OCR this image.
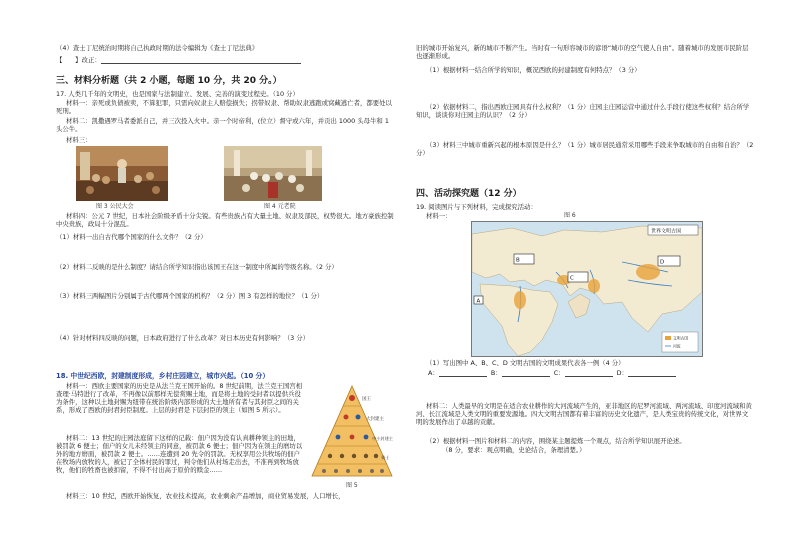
（4）查士丁尼统治时期将自己执政时期的法令编辑为《查士丁尼法典》
【　　】改正：
三、材料分析题（共 2 小题，每题 10 分，共 20 分。）
17. 人类几千年的文明史，也是国家与法制建立、发展、完善的演变过程史。（10 分）
材料一：亲死或负债被卖，不算犯罪，只需向奴隶主人赔偿损失；拐带奴隶、帮助奴隶逃跑或窝藏逃亡者，都要处以死刑。
材料二：凯撒遇罗马者委派自己，并三次投入火中。亲一个时帝利，(位立）督守或六年，并贡出 1000 头母牛和 1 头公牛。
材料三：
图 3 公民大会	图 4 元老院
材料四：公元 7 世纪，日本社会阶级矛盾十分尖锐。有些贵族占有大量土地、奴隶及部民，权势很大。地方豪族控制中央贵族，政局十分混乱。
（1）材料一出自古代哪个国家的什么文件？（2 分）
（2）材料二反映的是什么制度？请结合所学知识指出该国王在这一制度中所属的等级名称。（2 分）
（3）材料三两幅图片分别属于古代哪两个国家的机构？（2 分）图 3 有怎样的地位？（1 分）
（4）针对材料四反映的问题，日本政府进行了什么改革？对日本历史有何影响？（3 分）
18. 中世纪西欧，封建制度形成，乡村庄园建立，城市兴起。（10 分）
材料一：西欧主要国家的历史是从法兰克王国开始的。8 世纪前期，法兰克王国宫相查理·马特进行了改革，不再像以前那样无偿赏赐土地，而是将土地的受封者以提供兵役为条件，这种以土地封赐为纽带在统治阶级内部形成的大土地所有者与其封臣之间的关系，形成了西欧的封君封臣制度。上层的封君是下层封臣的领主（如图 5 所示）。
材料二：13 世纪的庄园法庭留下这样的记载：佃户因为没有认真耕种领主的田地，被罚款 6 便士；佃户的女儿未经领主的同意，被罚款 6 便士；佃户因为在领主的磨坊以外的地方磨面，被罚款 2 便士。……连遭到 20 先令的罚款。无权享用公共牧场的佃户在牧场内放牧的人，被记了全体村民的罪过，判令他们从村场走出去，不准再到牧场放牧，他们的牲畜也被扣留，不得不付出高于原价的赎金……
材料三：10 世纪，西欧开始恢复，农业技术提高，农业剩余产品增加，商业贸易发展，人口增长，
国王
大封建主
中小封建主
骑士
图 5
旧的城市开始复兴，新的城市不断产生。当时有一句形容城市的谚语“城市的空气使人自由”。随着城市的发展市民阶层也逐渐形成。
（1）根据材料一结合所学的知识，概况西欧的封建制度有何特点？（3 分）
（2）依据材料二，指出西欧庄园具有什么权利？（1 分）庄园主庄园运营中通过什么手段行使这些权利？结合所学知识，谈谈你对庄园主的认识？（2 分）
（3）材料三中城市重新兴起的根本原因是什么？（1 分）城市居民通常采用哪些手段来争取城市的自由和自治？（2 分）
四、活动探究题（12 分）
19. 阅读图片与下列材料，完成探究活动：
材料一：	图 6
世界文明古国
A
B
C
D
文明古国
河流
（1）写出图中 A、B、C、D 文明古国的文明成果代表各一例（4 分）
A：	B：	C：	D：
材料二：人类最早的文明是在适合农业耕作的大河流域产生的，亚非地区的尼罗河流域、两河流域、印度河流域和黄河、长江流域是人类文明的重要发源地。四大文明古国都有着丰富的历史文化遗产，是人类宝贵的传统文化，对世界文明的发展作出了卓越的贡献。
（2）根据材料一图片和材料二的内容，围绕某主题提炼一个观点，结合所学知识展开论述。
（8 分，要求：观点明确，史论结合，条理清楚。）
